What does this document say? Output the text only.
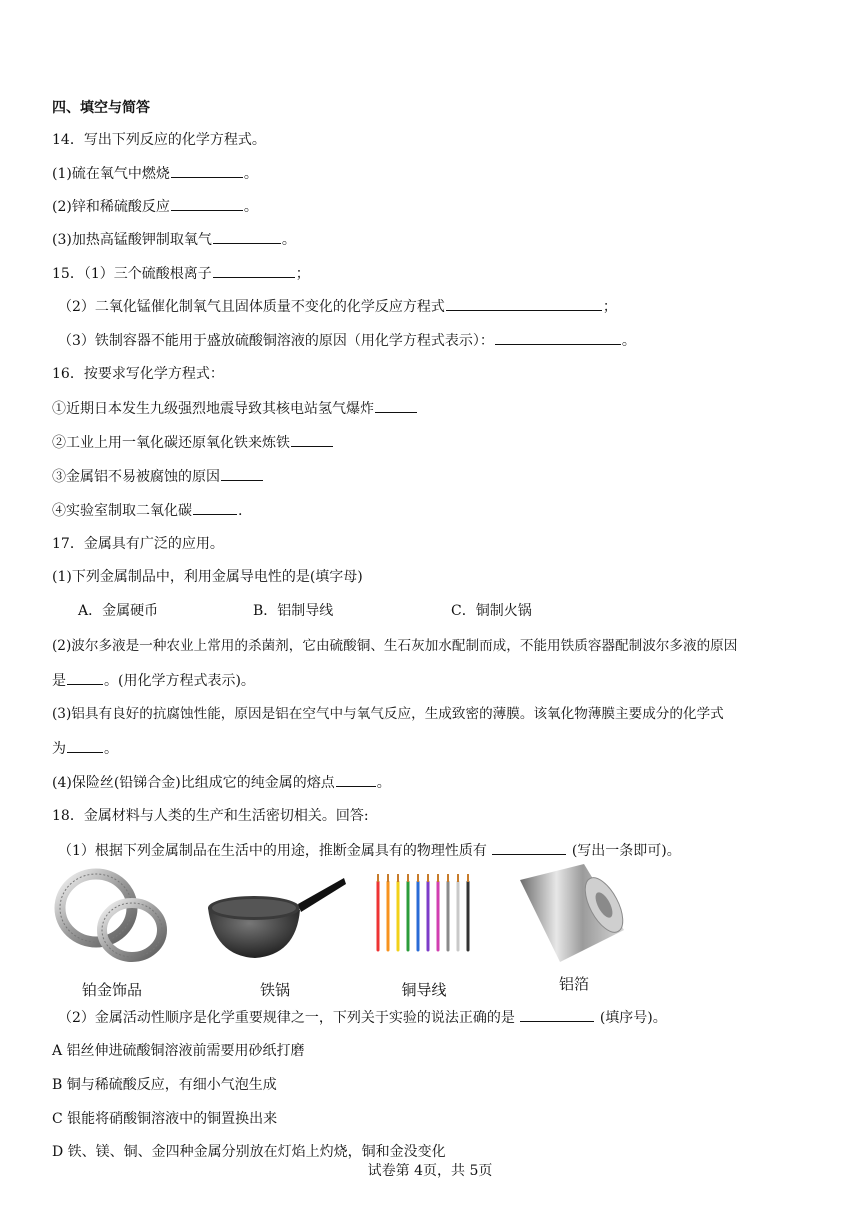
四、填空与简答
14．写出下列反应的化学方程式。
(1)硫在氧气中燃烧	。
(2)锌和稀硫酸反应	。
(3)加热高锰酸钾制取氧气	。
15．（1）三个硫酸根离子	；
（2）二氧化锰催化制氧气且固体质量不变化的化学反应方程式	；
（3）铁制容器不能用于盛放硫酸铜溶液的原因（用化学方程式表示）：	。
16．按要求写化学方程式：
①近期日本发生九级强烈地震导致其核电站氢气爆炸
②工业上用一氧化碳还原氧化铁来炼铁
③金属铝不易被腐蚀的原因
④实验室制取二氧化碳	.
17．金属具有广泛的应用。
(1)下列金属制品中，利用金属导电性的是(填字母)
A．金属硬币	B．铝制导线	C．铜制火锅
(2)波尔多液是一种农业上常用的杀菌剂，它由硫酸铜、生石灰加水配制而成，不能用铁质容器配制波尔多液的原因
是	。(用化学方程式表示)。
(3)铝具有良好的抗腐蚀性能，原因是铝在空气中与氧气反应，生成致密的薄膜。该氧化物薄膜主要成分的化学式
为	。
(4)保险丝(铅锑合金)比组成它的纯金属的熔点	。
18．金属材料与人类的生产和生活密切相关。回答:
（1）根据下列金属制品在生活中的用途，推断金属具有的物理性质有	(写出一条即可)。
铂金饰品	铁锅	铜导线	铝箔
（2）金属活动性顺序是化学重要规律之一，下列关于实验的说法正确的是	(填序号)。
A 铝丝伸进硫酸铜溶液前需要用砂纸打磨
B 铜与稀硫酸反应，有细小气泡生成
C 银能将硝酸铜溶液中的铜置换出来
D 铁、镁、铜、金四种金属分别放在灯焰上灼烧，铜和金没变化
试卷第 4页，共 5页
